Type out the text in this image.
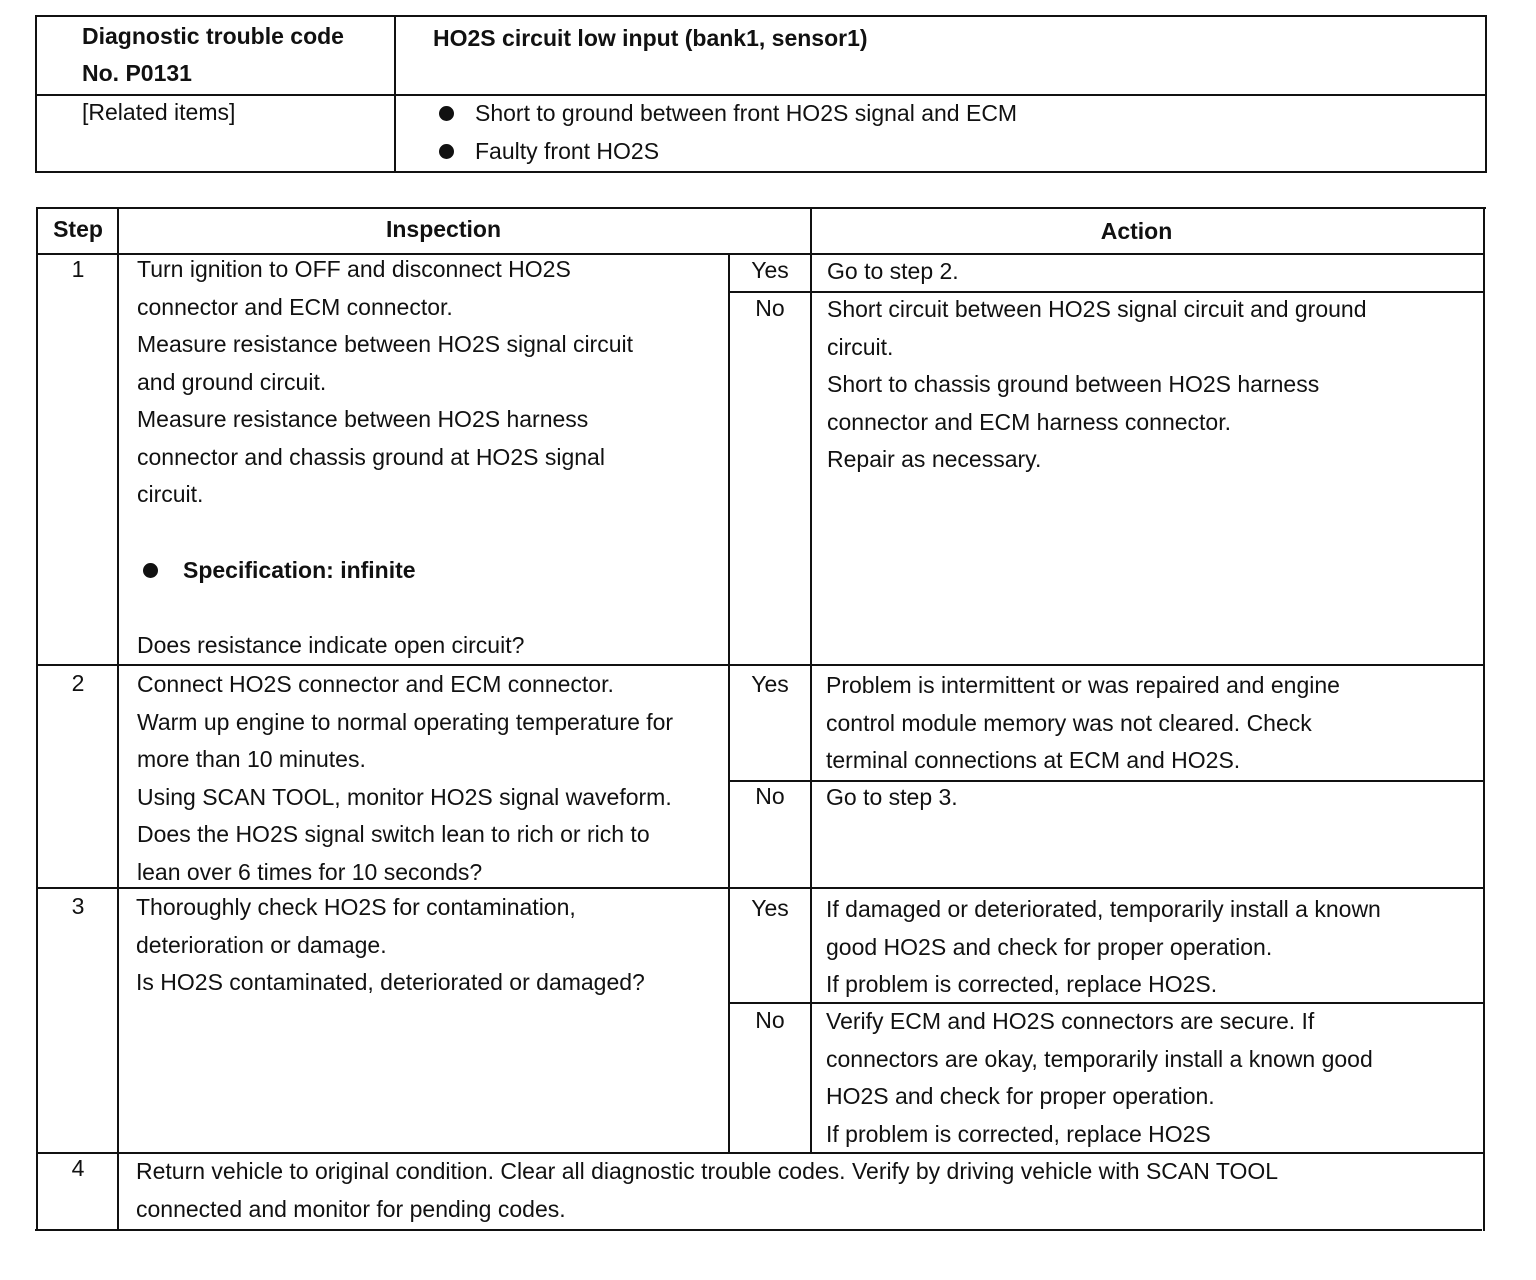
Diagnostic trouble code
No. P0131
HO2S circuit low input (bank1, sensor1)
[Related items]	Short to ground between front HO2S signal and ECM
Faulty front HO2S
Step	Inspection	Action
1	Turn ignition to OFF and disconnect HO2S
connector and ECM connector.
Measure resistance between HO2S signal circuit
and ground circuit.
Measure resistance between HO2S harness
connector and chassis ground at HO2S signal
circuit.
Specification: infinite
Does resistance indicate open circuit?
Yes	Go to step 2.
No	Short circuit between HO2S signal circuit and ground
circuit.
Short to chassis ground between HO2S harness
connector and ECM harness connector.
Repair as necessary.
2	Connect HO2S connector and ECM connector.
Warm up engine to normal operating temperature for
more than 10 minutes.
Using SCAN TOOL, monitor HO2S signal waveform.
Does the HO2S signal switch lean to rich or rich to
lean over 6 times for 10 seconds?
Yes	Problem is intermittent or was repaired and engine
control module memory was not cleared. Check
terminal connections at ECM and HO2S.
No	Go to step 3.
3	Thoroughly check HO2S for contamination,
deterioration or damage.
Is HO2S contaminated, deteriorated or damaged?
Yes	If damaged or deteriorated, temporarily install a known
good HO2S and check for proper operation.
If problem is corrected, replace HO2S.
No	Verify ECM and HO2S connectors are secure. If
connectors are okay, temporarily install a known good
HO2S and check for proper operation.
If problem is corrected, replace HO2S
4	Return vehicle to original condition. Clear all diagnostic trouble codes. Verify by driving vehicle with SCAN TOOL
connected and monitor for pending codes.
